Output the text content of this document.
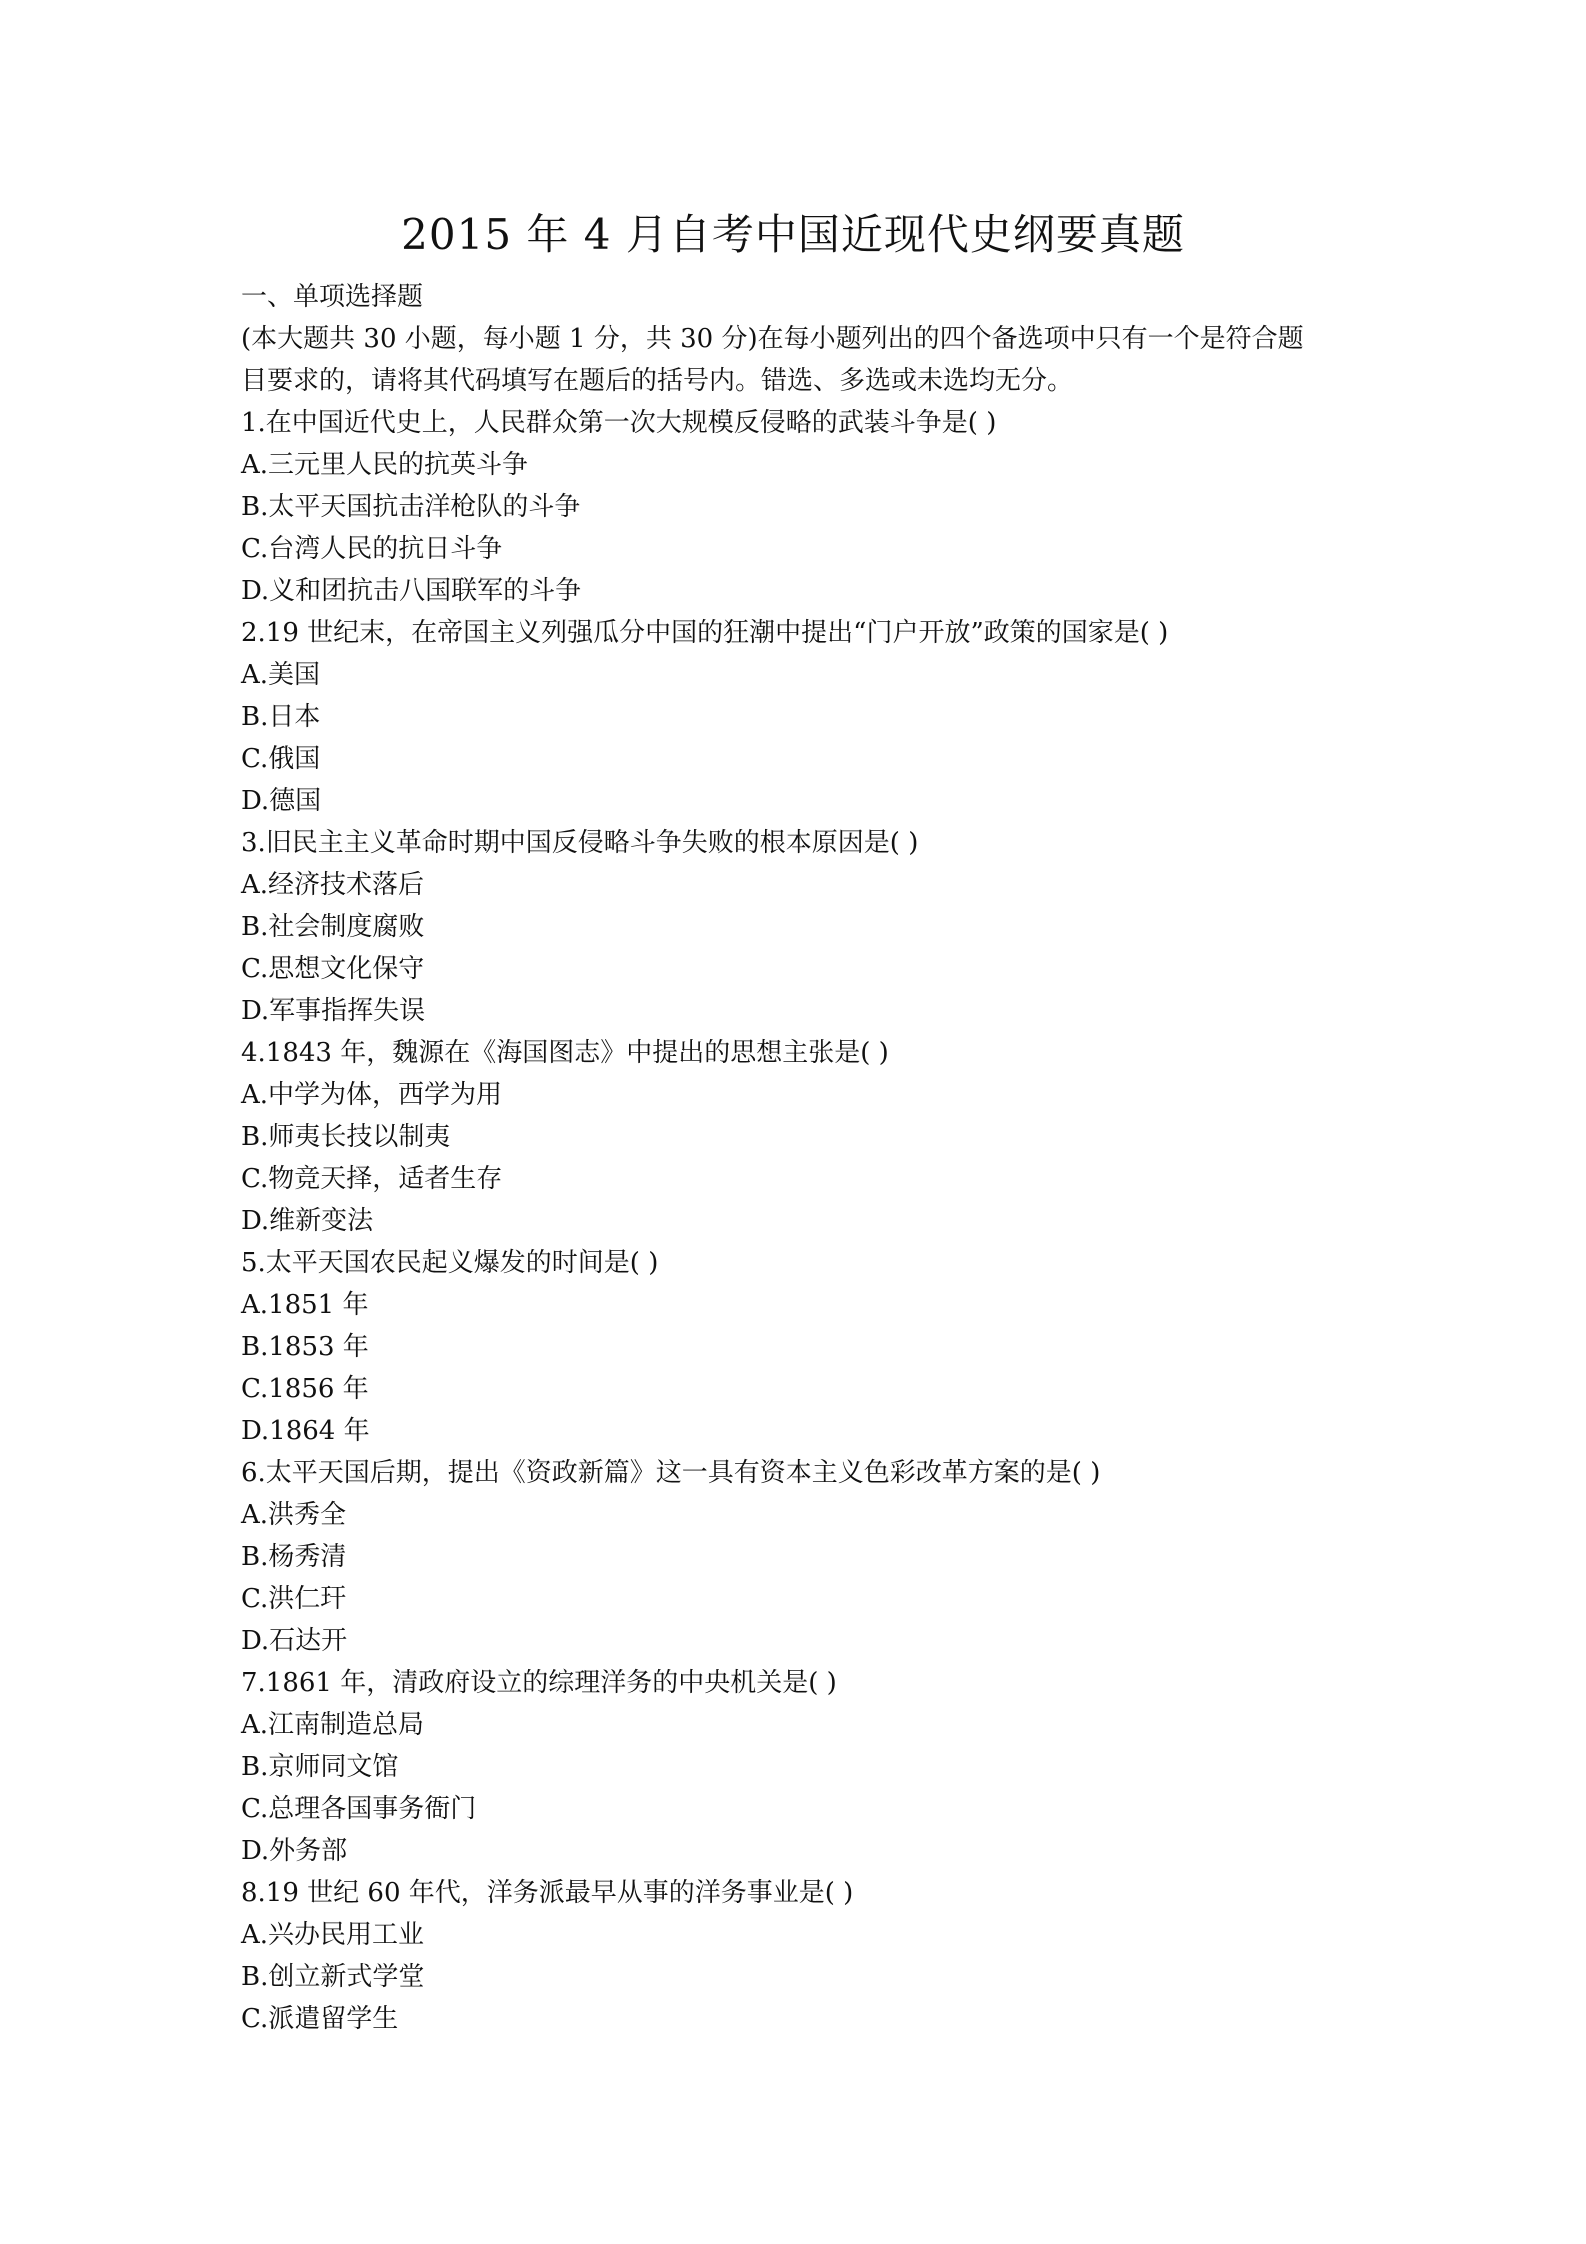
2015 年 4 月自考中国近现代史纲要真题
一、单项选择题
(本大题共 30 小题，每小题 1 分，共 30 分)在每小题列出的四个备选项中只有一个是符合题
目要求的，请将其代码填写在题后的括号内。错选、多选或未选均无分。
1.在中国近代史上，人民群众第一次大规模反侵略的武装斗争是( )
A.三元里人民的抗英斗争
B.太平天国抗击洋枪队的斗争
C.台湾人民的抗日斗争
D.义和团抗击八国联军的斗争
2.19 世纪末，在帝国主义列强瓜分中国的狂潮中提出“门户开放”政策的国家是( )
A.美国
B.日本
C.俄国
D.德国
3.旧民主主义革命时期中国反侵略斗争失败的根本原因是( )
A.经济技术落后
B.社会制度腐败
C.思想文化保守
D.军事指挥失误
4.1843 年，魏源在《海国图志》中提出的思想主张是( )
A.中学为体，西学为用
B.师夷长技以制夷
C.物竞天择，适者生存
D.维新变法
5.太平天国农民起义爆发的时间是( )
A.1851 年
B.1853 年
C.1856 年
D.1864 年
6.太平天国后期，提出《资政新篇》这一具有资本主义色彩改革方案的是( )
A.洪秀全
B.杨秀清
C.洪仁玕
D.石达开
7.1861 年，清政府设立的综理洋务的中央机关是( )
A.江南制造总局
B.京师同文馆
C.总理各国事务衙门
D.外务部
8.19 世纪 60 年代，洋务派最早从事的洋务事业是( )
A.兴办民用工业
B.创立新式学堂
C.派遣留学生
